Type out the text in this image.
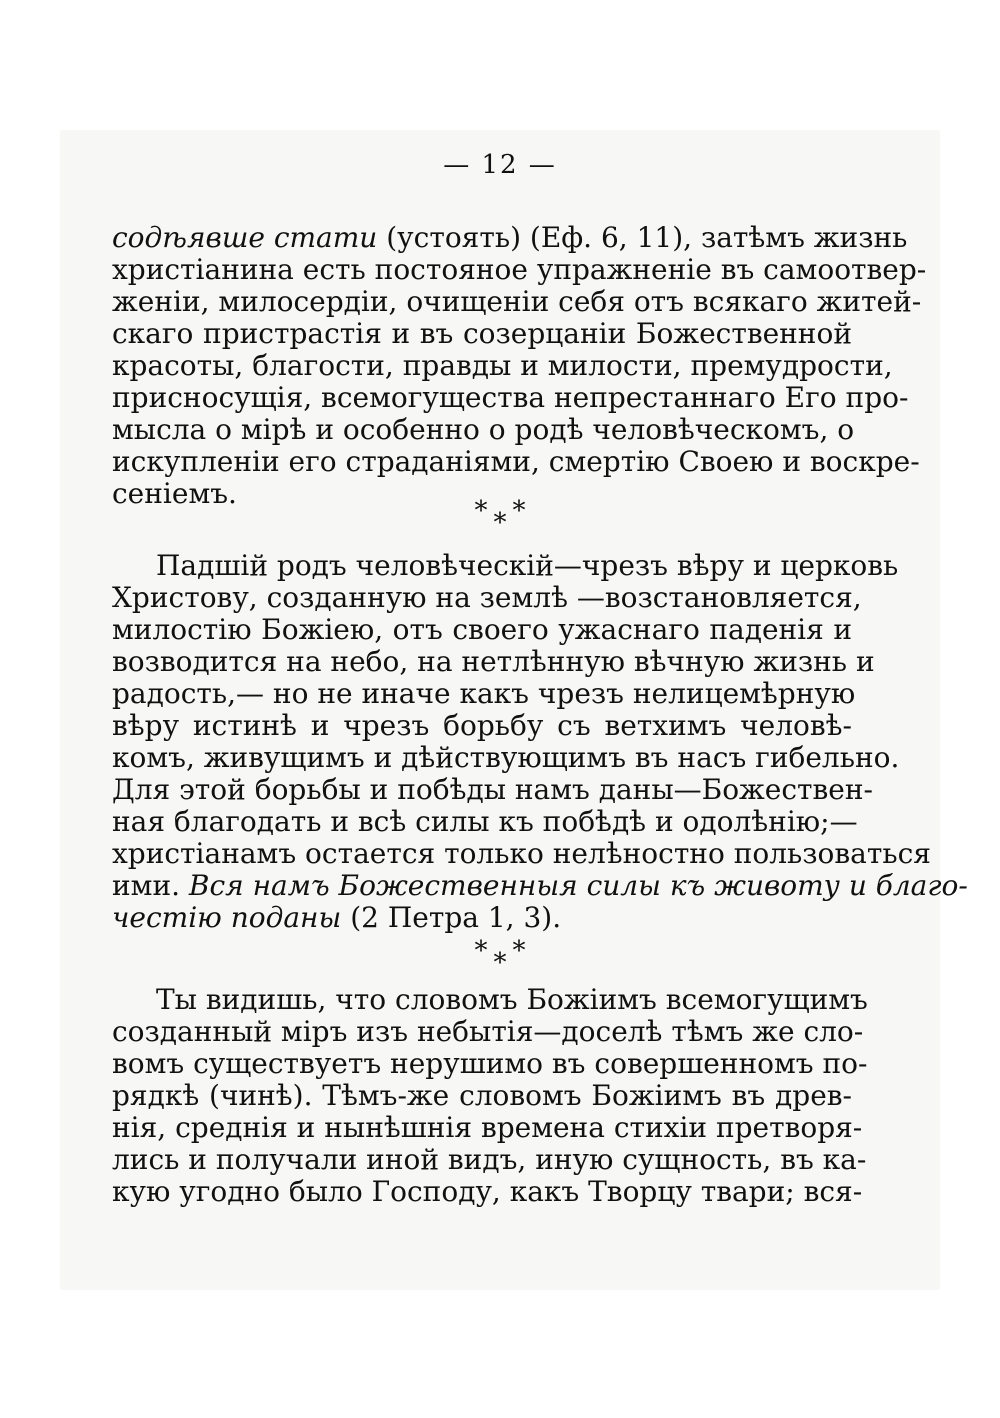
— 12 —
содѣявше стати (устоять) (Еф. 6, 11), затѣмъ жизнь
христіанина есть постояное упражненіе въ самоотвер-
женіи, милосердіи, очищеніи себя отъ всякаго житей-
скаго пристрастія и въ созерцаніи Божественной
красоты, благости, правды и милости, премудрости,
присносущія, всемогущества непрестаннаго Его про-
мысла о мірѣ и особенно о родѣ человѣческомъ, о
искупленіи его страданіями, смертію Своею и воскре-
сеніемъ.
* * *
Падшій родъ человѣческій—чрезъ вѣру и церковь
Христову, созданную на землѣ —возстановляется,
милостію Божіею, отъ своего ужаснаго паденія и
возводится на небо, на нетлѣнную вѣчную жизнь и
радость,— но не иначе какъ чрезъ нелицемѣрную
вѣру истинѣ и чрезъ борьбу съ ветхимъ человѣ-
комъ, живущимъ и дѣйствующимъ въ насъ гибельно.
Для этой борьбы и побѣды намъ даны—Божествен-
ная благодать и всѣ силы къ побѣдѣ и одолѣнію;—
христіанамъ остается только нелѣностно пользоваться
ими. Вся намъ Божественныя силы къ животу и благо-
честію поданы (2 Петра 1, 3).
* * *
Ты видишь, что словомъ Божіимъ всемогущимъ
созданный міръ изъ небытія—доселѣ тѣмъ же сло-
вомъ существуетъ нерушимо въ совершенномъ по-
рядкѣ (чинѣ). Тѣмъ-же словомъ Божіимъ въ древ-
нія, среднія и нынѣшнія времена стихіи претворя-
лись и получали иной видъ, иную сущность, въ ка-
кую угодно было Господу, какъ Творцу твари; вся-
